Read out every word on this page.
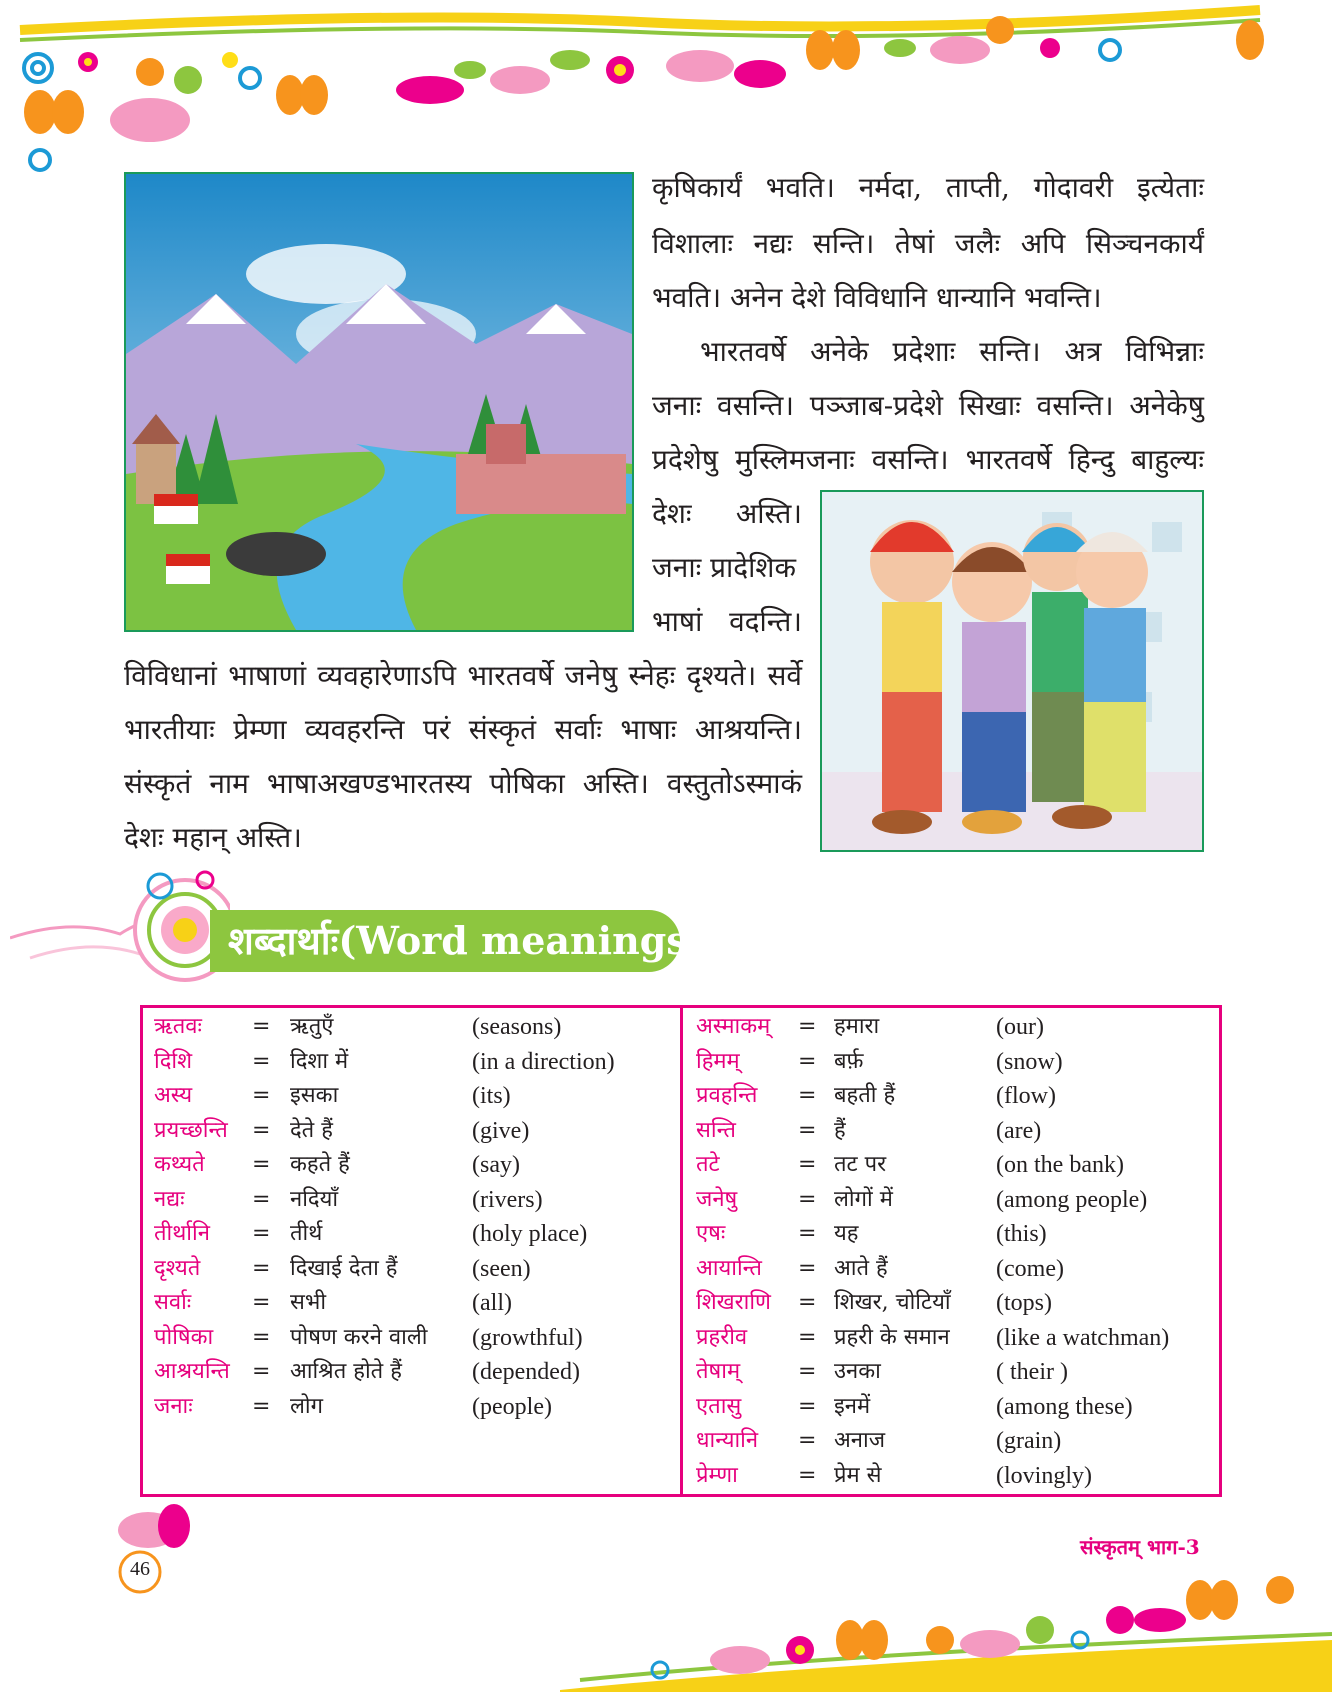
कृषिकार्यं भवति। नर्मदा, ताप्ती, गोदावरी इत्येताः
विशालाः नद्यः सन्ति। तेषां जलैः अपि सिञ्चनकार्यं
भवति। अनेन देशे विविधानि धान्यानि भवन्ति।
भारतवर्षे अनेके प्रदेशाः सन्ति। अत्र विभिन्नाः
जनाः वसन्ति। पञ्जाब-प्रदेशे सिखाः वसन्ति। अनेकेषु
प्रदेशेषु मुस्लिमजनाः वसन्ति। भारतवर्षे हिन्दु बाहुल्यः
देशः अस्ति।
जनाः प्रादेशिक
भाषां वदन्ति।
विविधानां भाषाणां व्यवहारेणाऽपि भारतवर्षे जनेषु स्नेहः दृश्यते। सर्वे
भारतीयाः प्रेम्णा व्यवहरन्ति परं संस्कृतं सर्वाः भाषाः आश्रयन्ति।
संस्कृतं नाम भाषाअखण्डभारतस्य पोषिका अस्ति। वस्तुतोऽस्माकं
देशः महान् अस्ति।
शब्दार्थाः(Word meanings)
ऋतवः = ऋतुएँ	(seasons)
दिशि	= दिशा में	(in a direction)
अस्य	= इसका	(its)
प्रयच्छन्ति = देते हैं	(give)
कथ्यते = कहते हैं	(say)
नद्यः	= नदियाँ	(rivers)
तीर्थानि = तीर्थ	(holy place)
दृश्यते = दिखाई देता हैं	(seen)
सर्वाः	= सभी	(all)
पोषिका = पोषण करने वाली (growthful)
आश्रयन्ति = आश्रित होते हैं	(depended)
जनाः	= लोग	(people)
अस्माकम् = हमारा	(our)
हिमम्	= बर्फ़	(snow)
प्रवहन्ति = बहती हैं	(flow)
सन्ति	= हैं	(are)
तटे	= तट पर	(on the bank)
जनेषु	= लोगों में	(among people)
एषः	= यह	(this)
आयान्ति = आते हैं	(come)
शिखराणि = शिखर, चोटियाँ (tops)
प्रहरीव = प्रहरी के समान (like a watchman)
तेषाम्	= उनका	( their )
एतासु	= इनमें	(among these)
धान्यानि = अनाज	(grain)
प्रेम्णा	= प्रेम से	(lovingly)
46
संस्कृतम् भाग-3
